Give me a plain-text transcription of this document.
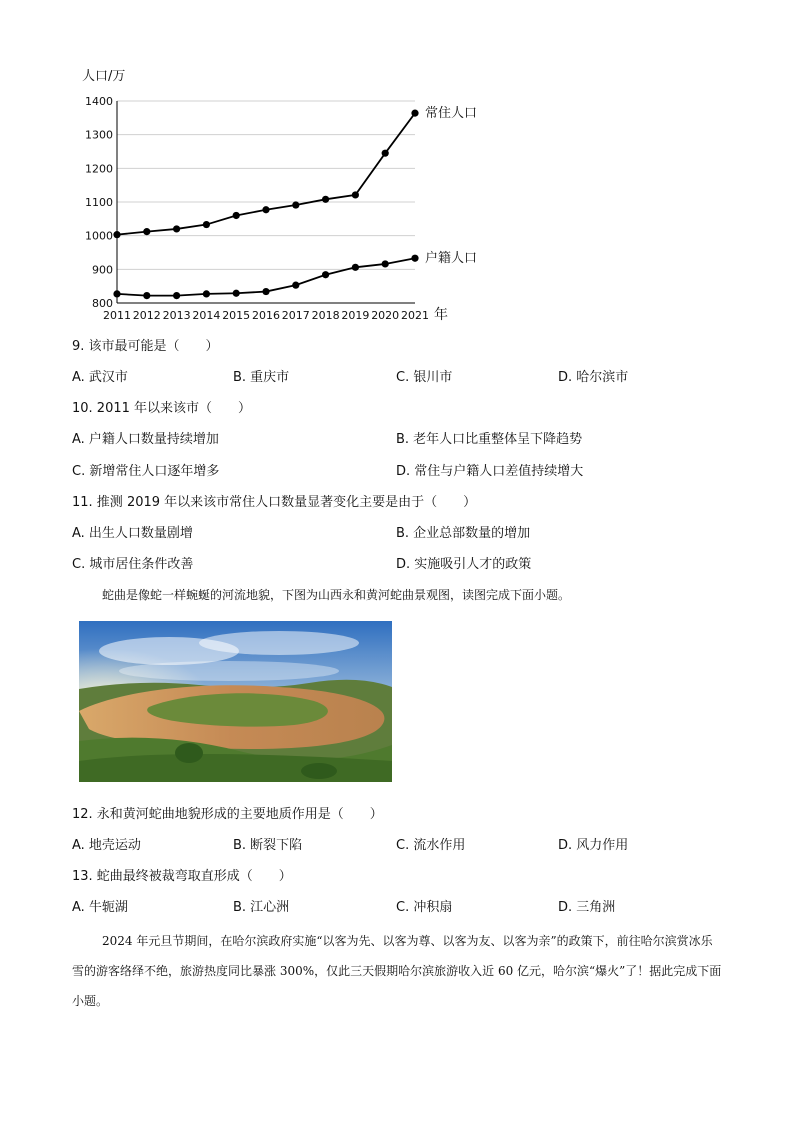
人口/万
1400
1300
1200
1100
1000
900
800
2011 2012 2013 2014 2015 2016 2017 2018 2019 2020 2021
常住人口
户籍人口
年
9. 该市最可能是（　　）
A. 武汉市	B. 重庆市	C. 银川市	D. 哈尔滨市
10. 2011 年以来该市（　　）
A. 户籍人口数量持续增加	B. 老年人口比重整体呈下降趋势
C. 新增常住人口逐年增多	D. 常住与户籍人口差值持续增大
11. 推测 2019 年以来该市常住人口数量显著变化主要是由于（　　）
A. 出生人口数量剧增	B. 企业总部数量的增加
C. 城市居住条件改善	D. 实施吸引人才的政策
蛇曲是像蛇一样蜿蜒的河流地貌，下图为山西永和黄河蛇曲景观图，读图完成下面小题。
12. 永和黄河蛇曲地貌形成的主要地质作用是（　　）
A. 地壳运动	B. 断裂下陷	C. 流水作用	D. 风力作用
13. 蛇曲最终被裁弯取直形成（　　）
A. 牛轭湖	B. 江心洲	C. 冲积扇	D. 三角洲
2024 年元旦节期间，在哈尔滨政府实施“以客为先、以客为尊、以客为友、以客为亲”的政策下，前往哈尔滨赏冰乐雪的游客络绎不绝，旅游热度同比暴涨 300%，仅此三天假期哈尔滨旅游收入近 60 亿元，哈尔滨“爆火”了！据此完成下面小题。
